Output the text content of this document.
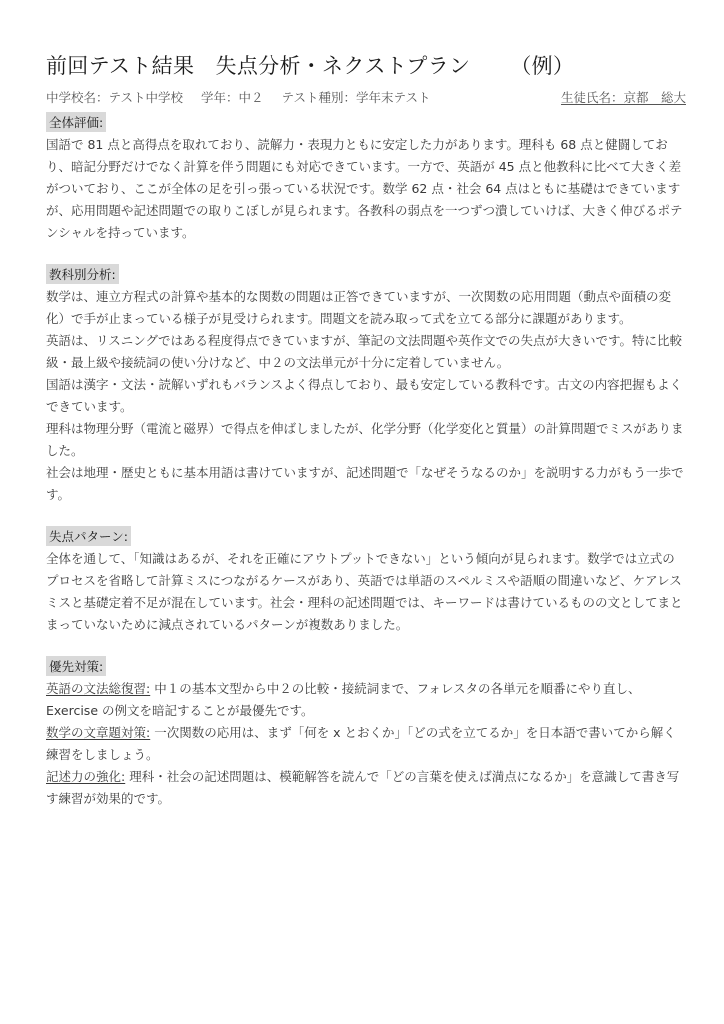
前回テスト結果　失点分析・ネクストプラン （例）
中学校名：テスト中学校 学年：中２ テスト種別：学年末テスト	生徒氏名：京都　総大
全体評価:

国語で 81 点と高得点を取れており、読解力・表現力ともに安定した力があります。理科も 68 点と健闘しており、暗記分野だけでなく計算を伴う問題にも対応できています。一方で、英語が 45 点と他教科に比べて大きく差がついており、ここが全体の足を引っ張っている状況です。数学 62 点・社会 64 点はともに基礎はできていますが、応用問題や記述問題での取りこぼしが見られます。各教科の弱点を一つずつ潰していけば、大きく伸びるポテンシャルを持っています。

教科別分析:

数学は、連立方程式の計算や基本的な関数の問題は正答できていますが、一次関数の応用問題（動点や面積の変化）で手が止まっている様子が見受けられます。問題文を読み取って式を立てる部分に課題があります。

英語は、リスニングではある程度得点できていますが、筆記の文法問題や英作文での失点が大きいです。特に比較級・最上級や接続詞の使い分けなど、中２の文法単元が十分に定着していません。

国語は漢字・文法・読解いずれもバランスよく得点しており、最も安定している教科です。古文の内容把握もよくできています。

理科は物理分野（電流と磁界）で得点を伸ばしましたが、化学分野（化学変化と質量）の計算問題でミスがありました。

社会は地理・歴史ともに基本用語は書けていますが、記述問題で「なぜそうなるのか」を説明する力がもう一歩です。

失点パターン:

全体を通して、「知識はあるが、それを正確にアウトプットできない」という傾向が見られます。数学では立式のプロセスを省略して計算ミスにつながるケースがあり、英語では単語のスペルミスや語順の間違いなど、ケアレスミスと基礎定着不足が混在しています。社会・理科の記述問題では、キーワードは書けているものの文としてまとまっていないために減点されているパターンが複数ありました。

優先対策:

英語の文法総復習: 中１の基本文型から中２の比較・接続詞まで、フォレスタの各単元を順番にやり直し、Exercise の例文を暗記することが最優先です。

数学の文章題対策: 一次関数の応用は、まず「何を x とおくか」「どの式を立てるか」を日本語で書いてから解く練習をしましょう。

記述力の強化: 理科・社会の記述問題は、模範解答を読んで「どの言葉を使えば満点になるか」を意識して書き写す練習が効果的です。
